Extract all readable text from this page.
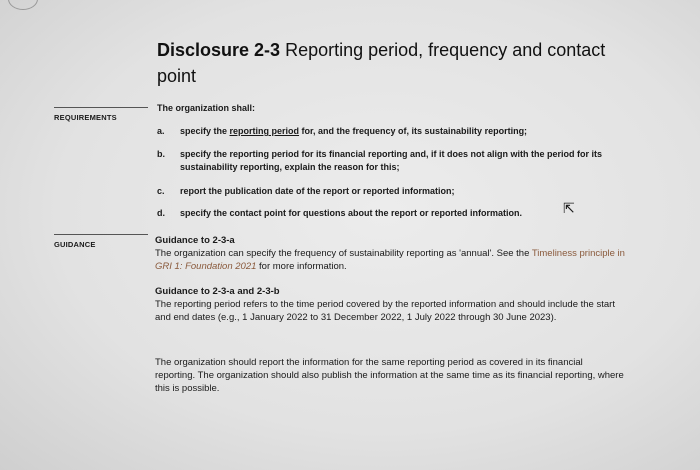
Disclosure 2-3 Reporting period, frequency and contact point
REQUIREMENTS
The organization shall:
a. specify the reporting period for, and the frequency of, its sustainability reporting;
b. specify the reporting period for its financial reporting and, if it does not align with the period for its sustainability reporting, explain the reason for this;
c. report the publication date of the report or reported information;
d. specify the contact point for questions about the report or reported information.	⇱
GUIDANCE	Guidance to 2-3-a
The organization can specify the frequency of sustainability reporting as 'annual'. See the Timeliness principle in GRI 1: Foundation 2021 for more information.
Guidance to 2-3-a and 2-3-b
The reporting period refers to the time period covered by the reported information and should include the start and end dates (e.g., 1 January 2022 to 31 December 2022, 1 July 2022 through 30 June 2023).
The organization should report the information for the same reporting period as covered in its financial reporting. The organization should also publish the information at the same time as its financial reporting, where this is possible.
